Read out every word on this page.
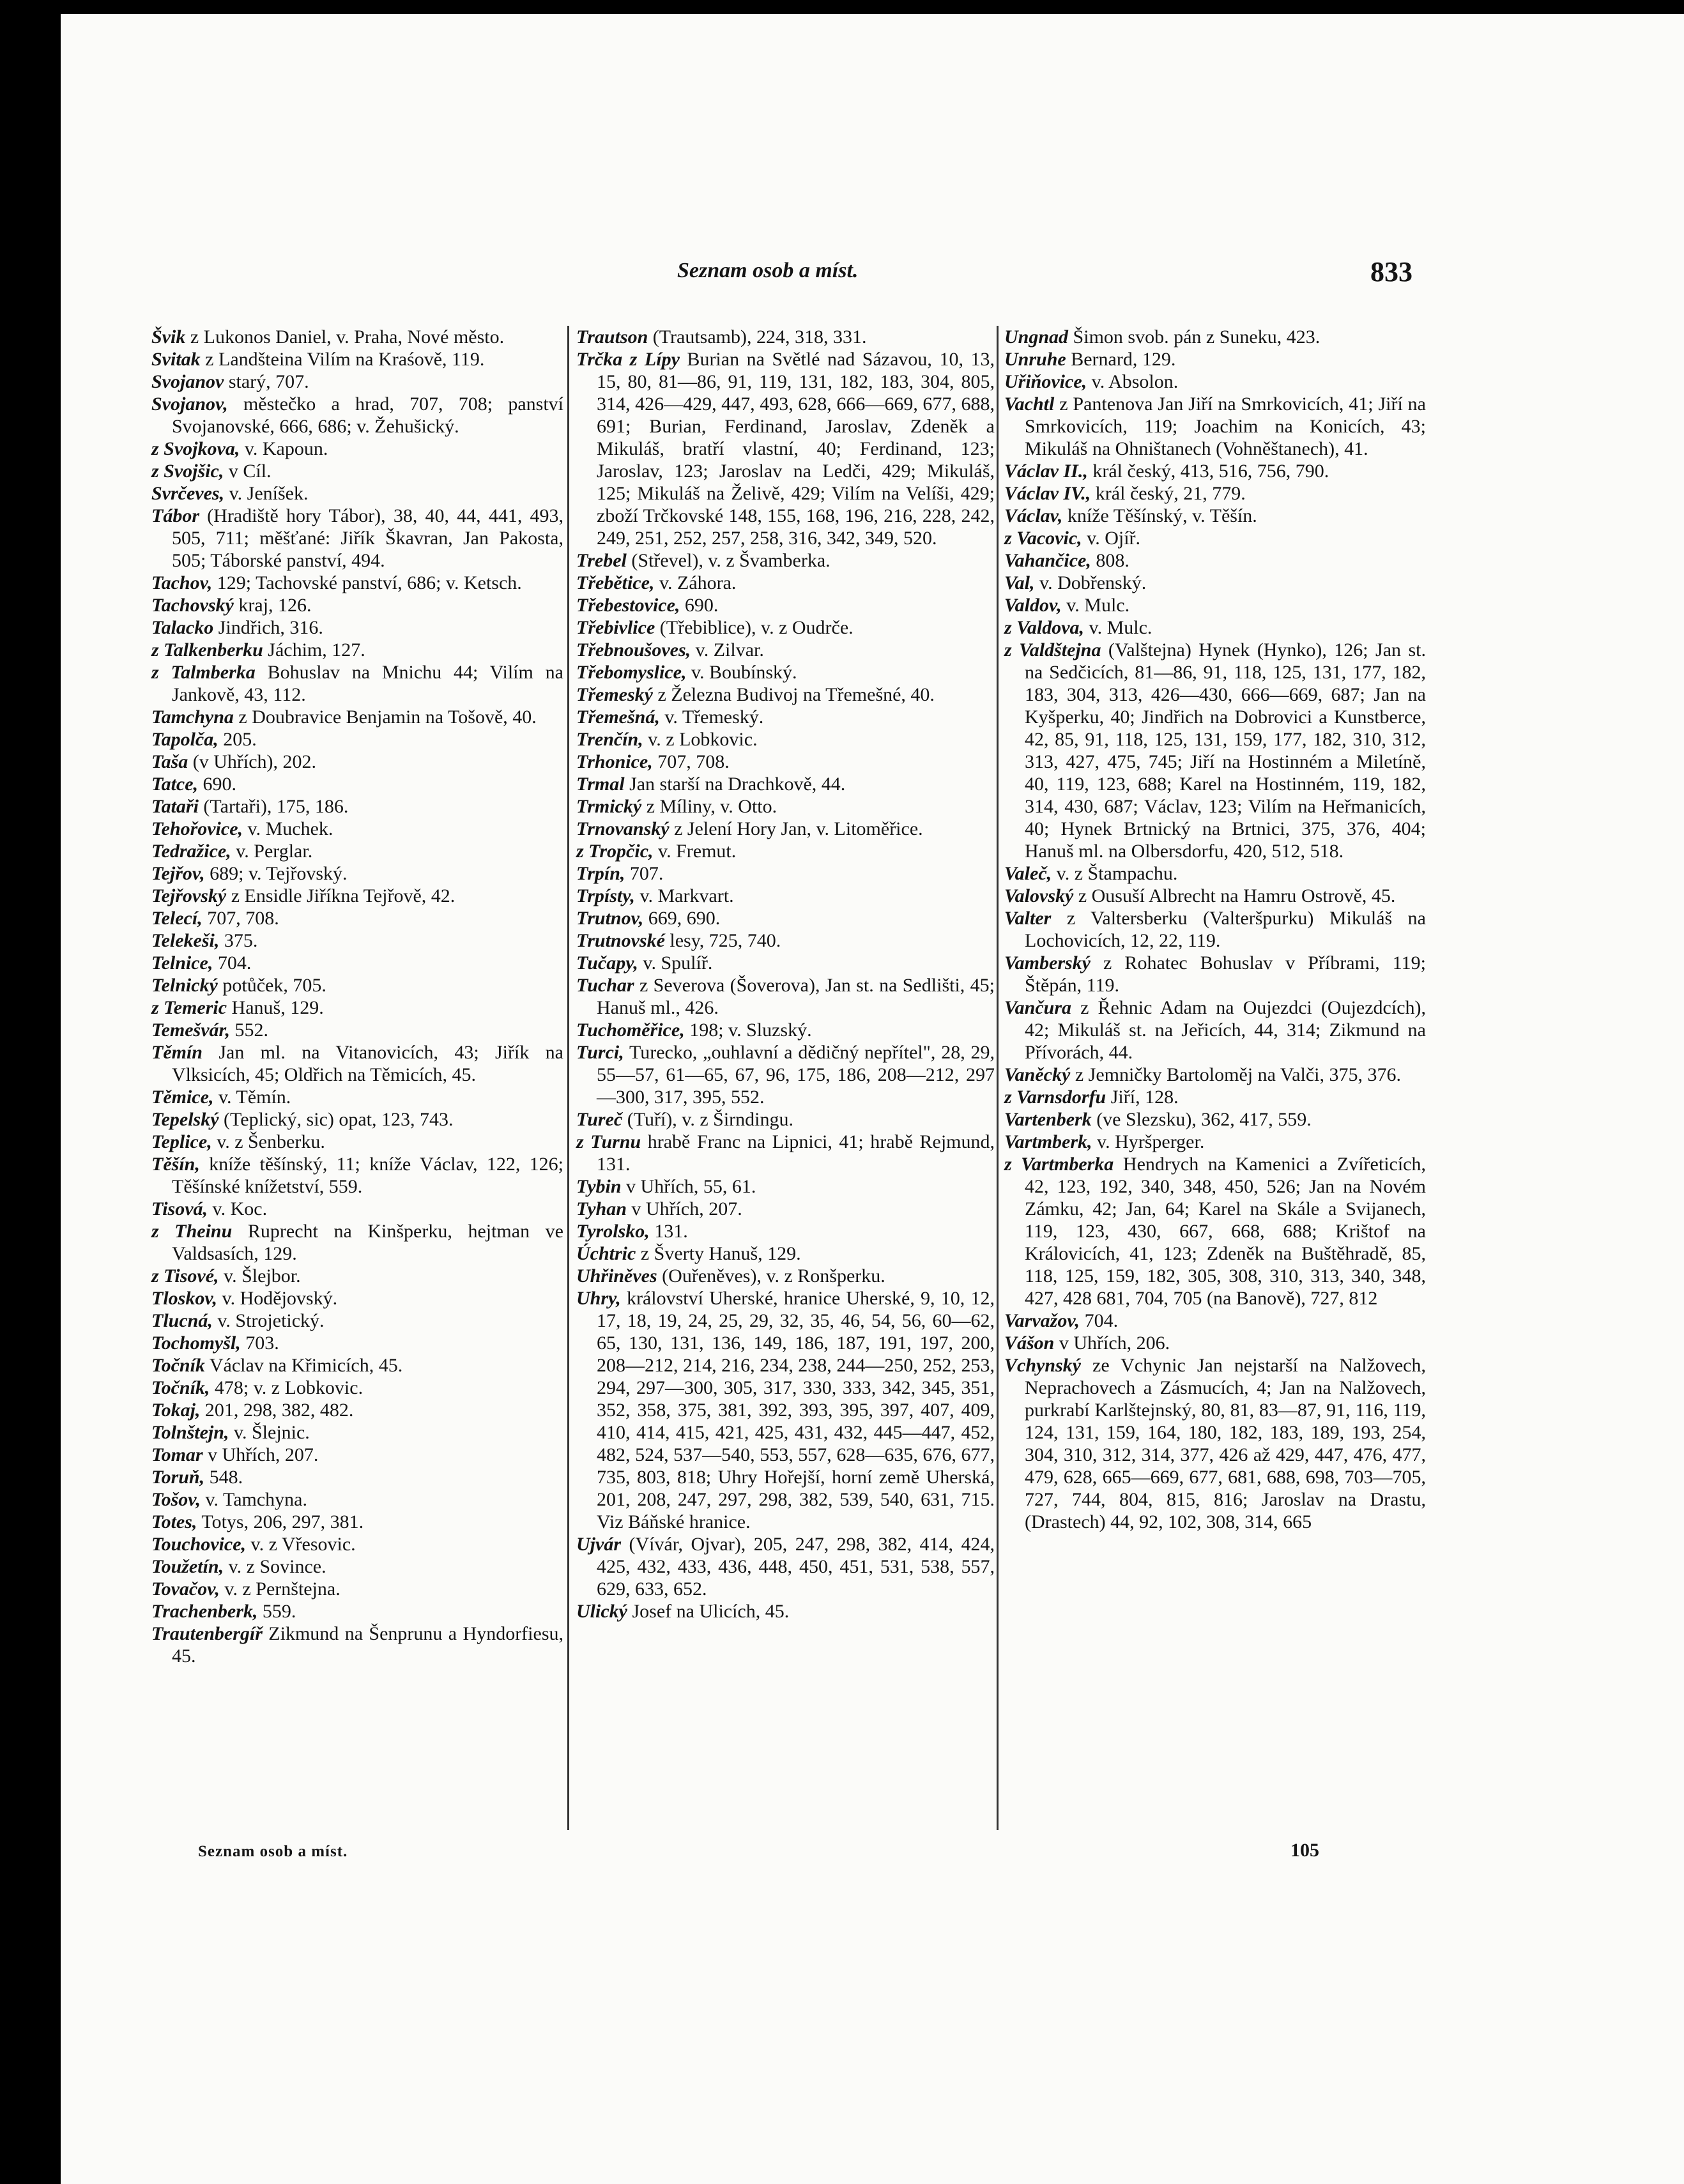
Seznam osob a míst.	833

Švik z Lukonos Daniel, v. Praha, Nové město.

Svitak z Landšteina Vilím na Kraśově, 119.

Svojanov starý, 707.

Svojanov, městečko a hrad, 707, 708; panství Svojanovské, 666, 686; v. Žehušický.

z Svojkova, v. Kapoun.

z Svojšic, v Cíl.

Svrčeves, v. Jeníšek.

Tábor (Hradiště hory Tábor), 38, 40, 44, 441, 493, 505, 711; měšťané: Jiřík Škavran, Jan Pakosta, 505; Táborské panství, 494.

Tachov, 129; Tachovské panství, 686; v. Ketsch.

Tachovský kraj, 126.

Talacko Jindřich, 316.

z Talkenberku Jáchim, 127.

z Talmberka Bohuslav na Mnichu 44; Vilím na Jankově, 43, 112.

Tamchyna z Doubravice Benjamin na Tošově, 40.

Tapolča, 205.

Taša (v Uhřích), 202.

Tatce, 690.

Tataři (Tartaři), 175, 186.

Tehořovice, v. Muchek.

Tedražice, v. Perglar.

Tejřov, 689; v. Tejřovský.

Tejřovský z Ensidle Jiříkna Tejřově, 42.

Telecí, 707, 708.

Telekeši, 375.

Telnice, 704.

Telnický potůček, 705.

z Temeric Hanuš, 129.

Temešvár, 552.

Těmín Jan ml. na Vitanovicích, 43; Jiřík na Vlksicích, 45; Oldřich na Těmicích, 45.

Těmice, v. Těmín.

Tepelský (Teplický, sic) opat, 123, 743.

Teplice, v. z Šenberku.

Těšín, kníže těšínský, 11; kníže Václav, 122, 126; Těšínské knížetství, 559.

Tisová, v. Koc.

z Theinu Ruprecht na Kinšperku, hejtman ve Valdsasích, 129.

z Tisové, v. Šlejbor.

Tloskov, v. Hodějovský.

Tlucná, v. Strojetický.

Tochomyšl, 703.

Točník Václav na Křimicích, 45.

Točník, 478; v. z Lobkovic.

Tokaj, 201, 298, 382, 482.

Tolnštejn, v. Šlejnic.

Tomar v Uhřích, 207.

Toruň, 548.

Tošov, v. Tamchyna.

Totes, Totys, 206, 297, 381.

Touchovice, v. z Vřesovic.

Toužetín, v. z Sovince.

Tovačov, v. z Pernštejna.

Trachenberk, 559.

Trautenbergíř Zikmund na Šenprunu a Hyndorfiesu, 45.

Trautson (Trautsamb), 224, 318, 331.

Trčka z Lípy Burian na Světlé nad Sázavou, 10, 13, 15, 80, 81—86, 91, 119, 131, 182, 183, 304, 805, 314, 426—429, 447, 493, 628, 666—669, 677, 688, 691; Burian, Ferdinand, Jaroslav, Zdeněk a Mikuláš, bratří vlastní, 40; Ferdinand, 123; Jaroslav, 123; Jaroslav na Ledči, 429; Mikuláš, 125; Mikuláš na Želivě, 429; Vilím na Velíši, 429; zboží Trčkovské 148, 155, 168, 196, 216, 228, 242, 249, 251, 252, 257, 258, 316, 342, 349, 520.

Trebel (Střevel), v. z Švamberka.

Třebětice, v. Záhora.

Třebestovice, 690.

Třebivlice (Třebiblice), v. z Oudrče.

Třebnoušoves, v. Zilvar.

Třebomyslice, v. Boubínský.

Třemeský z Železna Budivoj na Třemešné, 40.

Třemešná, v. Třemeský.

Trenčín, v. z Lobkovic.

Trhonice, 707, 708.

Trmal Jan starší na Drachkově, 44.

Trmický z Míliny, v. Otto.

Trnovanský z Jelení Hory Jan, v. Litoměřice.

z Tropčic, v. Fremut.

Trpín, 707.

Trpísty, v. Markvart.

Trutnov, 669, 690.

Trutnovské lesy, 725, 740.

Tučapy, v. Spulíř.

Tuchar z Severova (Šoverova), Jan st. na Sedlišti, 45; Hanuš ml., 426.

Tuchoměřice, 198; v. Sluzský.

Turci, Turecko, „ouhlavní a dědičný nepřítel", 28, 29, 55—57, 61—65, 67, 96, 175, 186, 208—212, 297—300, 317, 395, 552.

Tureč (Tuří), v. z Širndingu.

z Turnu hrabě Franc na Lipnici, 41; hrabě Rejmund, 131.

Tybin v Uhřích, 55, 61.

Tyhan v Uhřích, 207.

Tyrolsko, 131.

Úchtric z Šverty Hanuš, 129.

Uhřiněves (Ouřeněves), v. z Ronšperku.

Uhry, království Uherské, hranice Uherské, 9, 10, 12, 17, 18, 19, 24, 25, 29, 32, 35, 46, 54, 56, 60—62, 65, 130, 131, 136, 149, 186, 187, 191, 197, 200, 208—212, 214, 216, 234, 238, 244—250, 252, 253, 294, 297—300, 305, 317, 330, 333, 342, 345, 351, 352, 358, 375, 381, 392, 393, 395, 397, 407, 409, 410, 414, 415, 421, 425, 431, 432, 445—447, 452, 482, 524, 537—540, 553, 557, 628—635, 676, 677, 735, 803, 818; Uhry Hořejší, horní země Uherská, 201, 208, 247, 297, 298, 382, 539, 540, 631, 715. Viz Báňské hranice.

Ujvár (Vívár, Ojvar), 205, 247, 298, 382, 414, 424, 425, 432, 433, 436, 448, 450, 451, 531, 538, 557, 629, 633, 652.

Ulický Josef na Ulicích, 45.

Ungnad Šimon svob. pán z Suneku, 423.

Unruhe Bernard, 129.

Uřiňovice, v. Absolon.

Vachtl z Pantenova Jan Jiří na Smrkovicích, 41; Jiří na Smrkovicích, 119; Joachim na Konicích, 43; Mikuláš na Ohništanech (Vohněštanech), 41.

Václav II., král český, 413, 516, 756, 790.

Václav IV., král český, 21, 779.

Václav, kníže Těšínský, v. Těšín.

z Vacovic, v. Ojíř.

Vahančice, 808.

Val, v. Dobřenský.

Valdov, v. Mulc.

z Valdova, v. Mulc.

z Valdštejna (Valštejna) Hynek (Hynko), 126; Jan st. na Sedčicích, 81—86, 91, 118, 125, 131, 177, 182, 183, 304, 313, 426—430, 666—669, 687; Jan na Kyšperku, 40; Jindřich na Dobrovici a Kunstberce, 42, 85, 91, 118, 125, 131, 159, 177, 182, 310, 312, 313, 427, 475, 745; Jiří na Hostinném a Miletíně, 40, 119, 123, 688; Karel na Hostinném, 119, 182, 314, 430, 687; Václav, 123; Vilím na Heřmanicích, 40; Hynek Brtnický na Brtnici, 375, 376, 404; Hanuš ml. na Olbersdorfu, 420, 512, 518.

Valeč, v. z Štampachu.

Valovský z Ousuší Albrecht na Hamru Ostrově, 45.

Valter z Valtersberku (Valteršpurku) Mikuláš na Lochovicích, 12, 22, 119.

Vamberský z Rohatec Bohuslav v Příbrami, 119; Štěpán, 119.

Vančura z Řehnic Adam na Oujezdci (Oujezdcích), 42; Mikuláš st. na Jeřicích, 44, 314; Zikmund na Přívorách, 44.

Vaněcký z Jemničky Bartoloměj na Valči, 375, 376.

z Varnsdorfu Jiří, 128.

Vartenberk (ve Slezsku), 362, 417, 559.

Vartmberk, v. Hyršperger.

z Vartmberka Hendrych na Kamenici a Zvířeticích, 42, 123, 192, 340, 348, 450, 526; Jan na Novém Zámku, 42; Jan, 64; Karel na Skále a Svijanech, 119, 123, 430, 667, 668, 688; Krištof na Královicích, 41, 123; Zdeněk na Buštěhradě, 85, 118, 125, 159, 182, 305, 308, 310, 313, 340, 348, 427, 428 681, 704, 705 (na Banově), 727, 812

Varvažov, 704.

Vášon v Uhřích, 206.

Vchynský ze Vchynic Jan nejstarší na Nalžovech, Neprachovech a Zásmucích, 4; Jan na Nalžovech, purkrabí Karlštejnský, 80, 81, 83—87, 91, 116, 119, 124, 131, 159, 164, 180, 182, 183, 189, 193, 254, 304, 310, 312, 314, 377, 426 až 429, 447, 476, 477, 479, 628, 665—669, 677, 681, 688, 698, 703—705, 727, 744, 804, 815, 816; Jaroslav na Drastu, (Drastech) 44, 92, 102, 308, 314, 665

Seznam osob a míst.	105
